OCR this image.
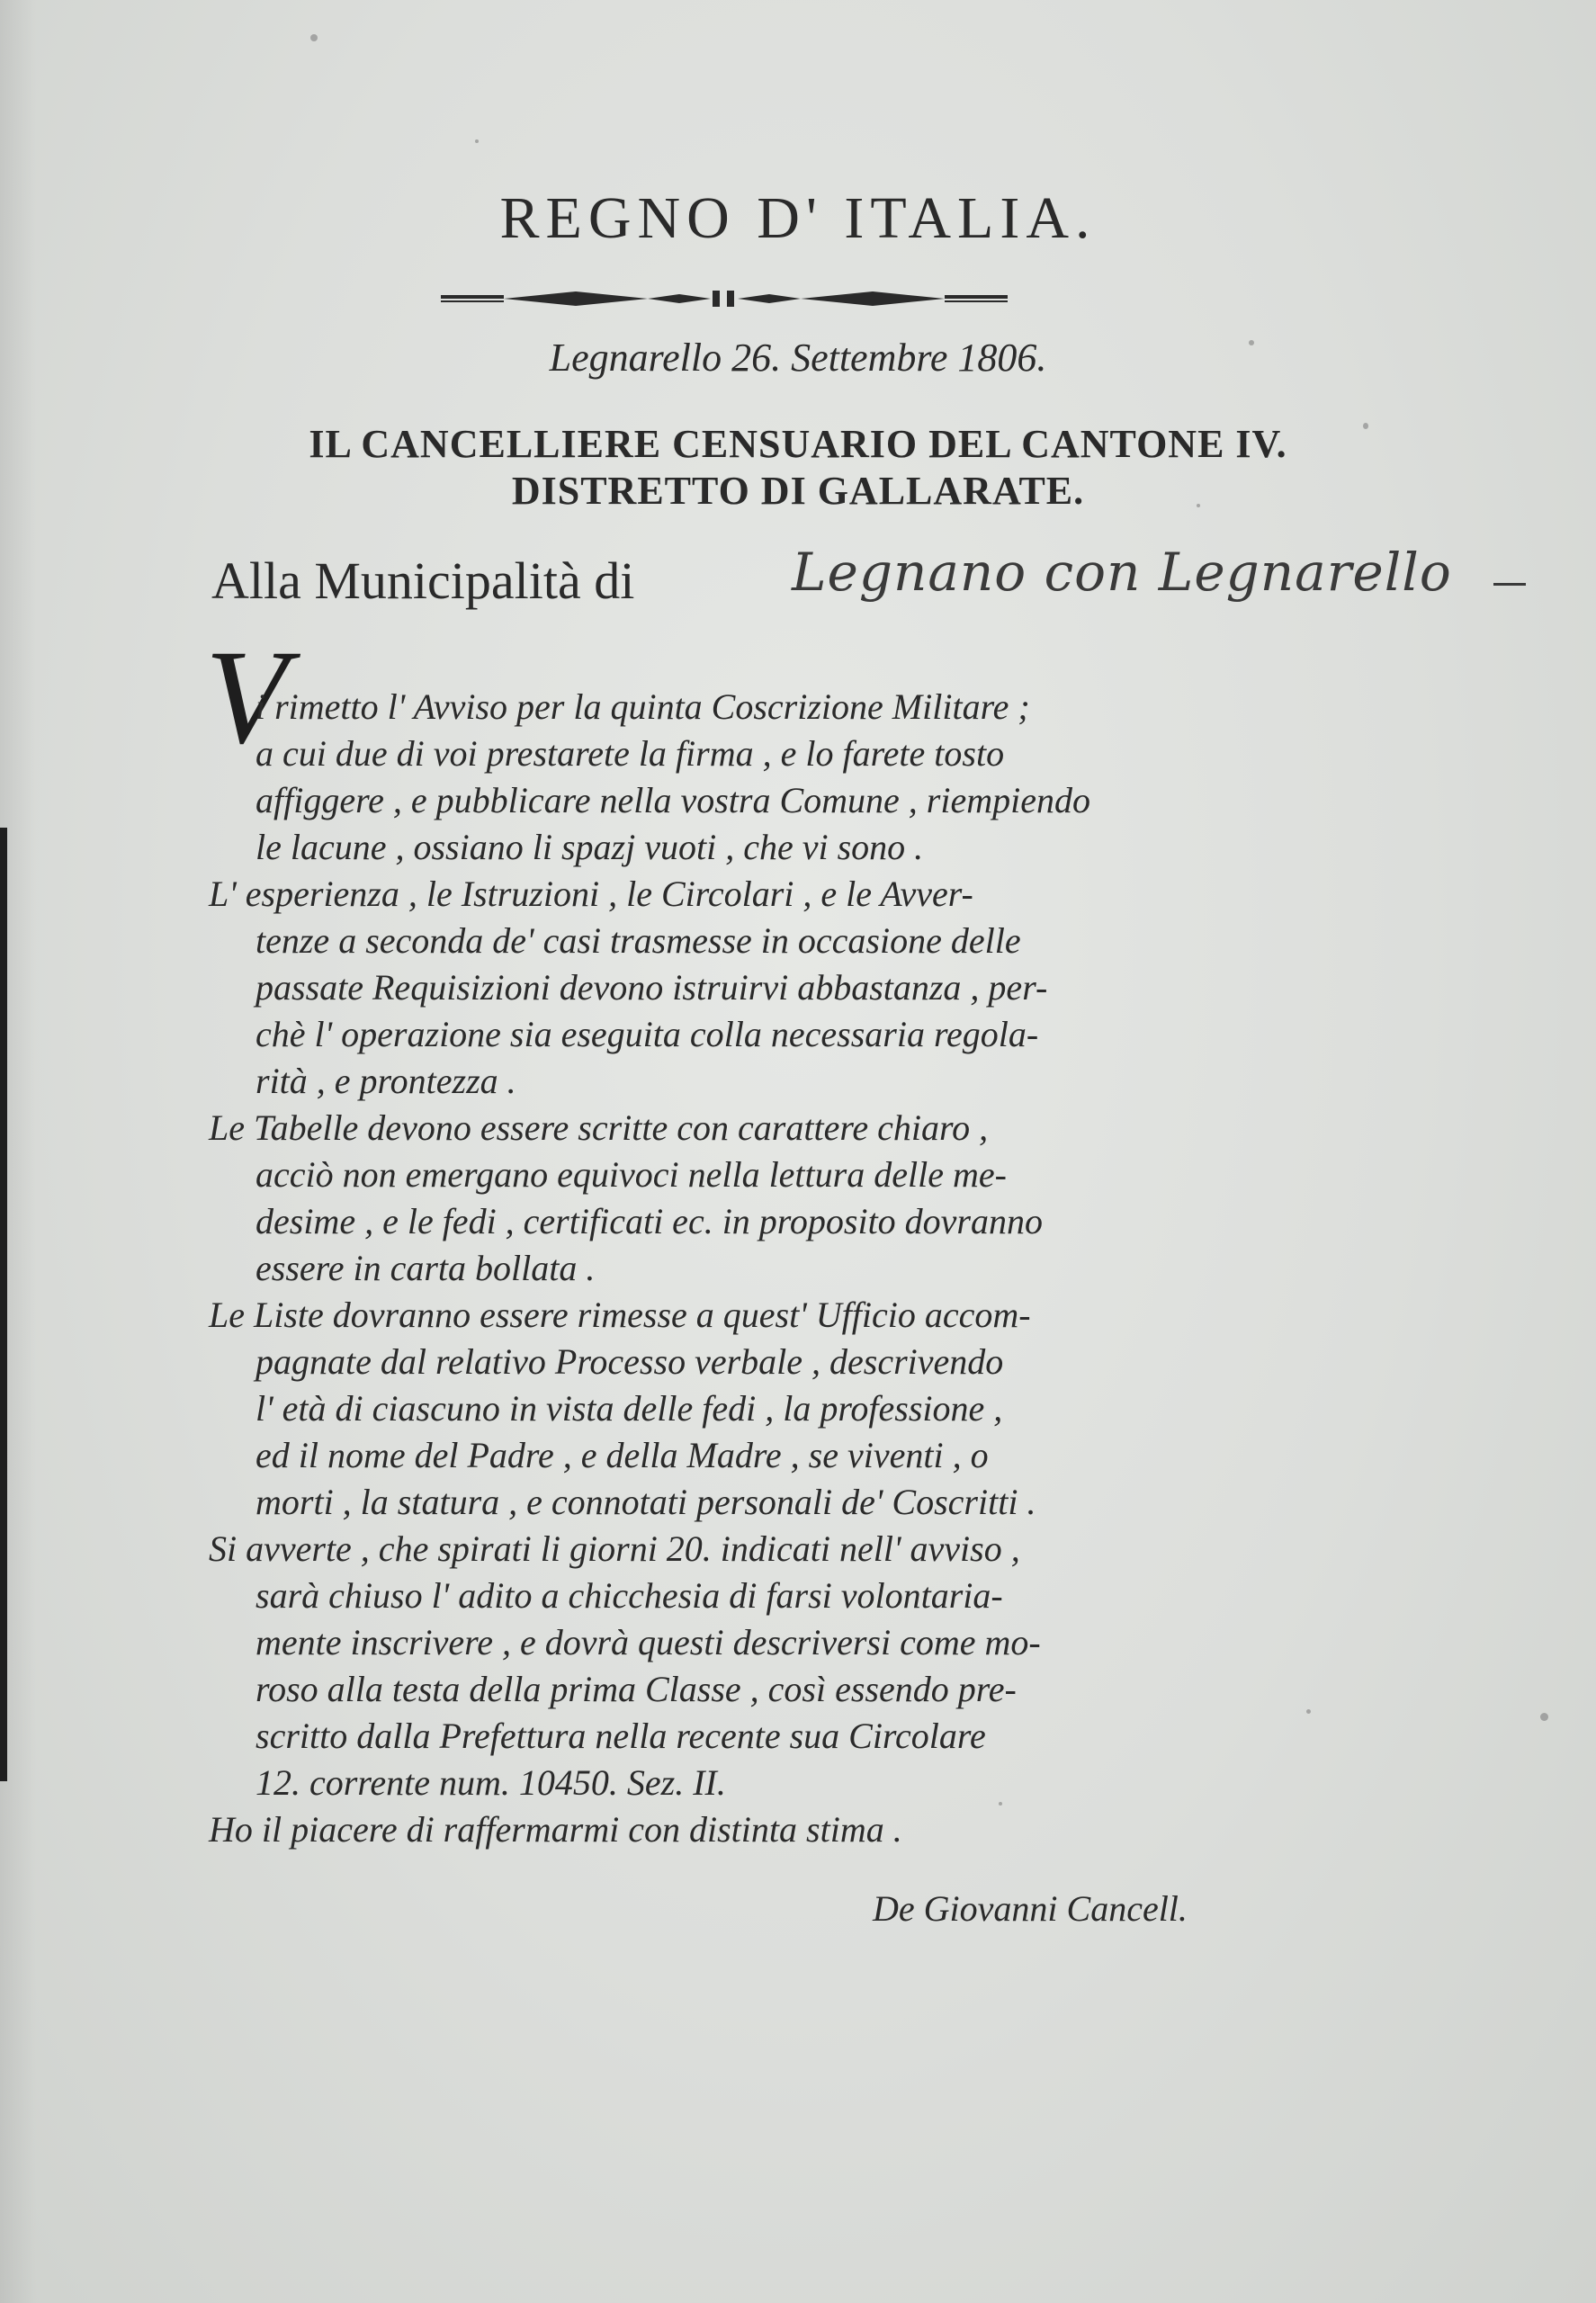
REGNO D' ITALIA.
Legnarello 26. Settembre 1806.
IL CANCELLIERE CENSUARIO DEL CANTONE IV.
DISTRETTO DI GALLARATE.
Alla Municipalità di	Legnano con Legnarello
V

i rimetto l' Avviso per la quinta Coscrizione Militare ;
a cui due di voi prestarete la firma , e lo farete tosto
affiggere , e pubblicare nella vostra Comune , riempiendo
le lacune , ossiano li spazj vuoti , che vi sono .

L' esperienza , le Istruzioni , le Circolari , e le Avver-
tenze a seconda de' casi trasmesse in occasione delle
passate Requisizioni devono istruirvi abbastanza , per-
chè l' operazione sia eseguita colla necessaria regola-
rità , e prontezza .

Le Tabelle devono essere scritte con carattere chiaro ,
acciò non emergano equivoci nella lettura delle me-
desime , e le fedi , certificati ec. in proposito dovranno
essere in carta bollata .

Le Liste dovranno essere rimesse a quest' Ufficio accom-
pagnate dal relativo Processo verbale , descrivendo
l' età di ciascuno in vista delle fedi , la professione ,
ed il nome del Padre , e della Madre , se viventi , o
morti , la statura , e connotati personali de' Coscritti .

Si avverte , che spirati li giorni 20. indicati nell' avviso ,
sarà chiuso l' adito a chicchesia di farsi volontaria-
mente inscrivere , e dovrà questi descriversi come mo-
roso alla testa della prima Classe , così essendo pre-
scritto dalla Prefettura nella recente sua Circolare
12. corrente num. 10450. Sez. II.

Ho il piacere di raffermarmi con distinta stima .

De Giovanni Cancell.
